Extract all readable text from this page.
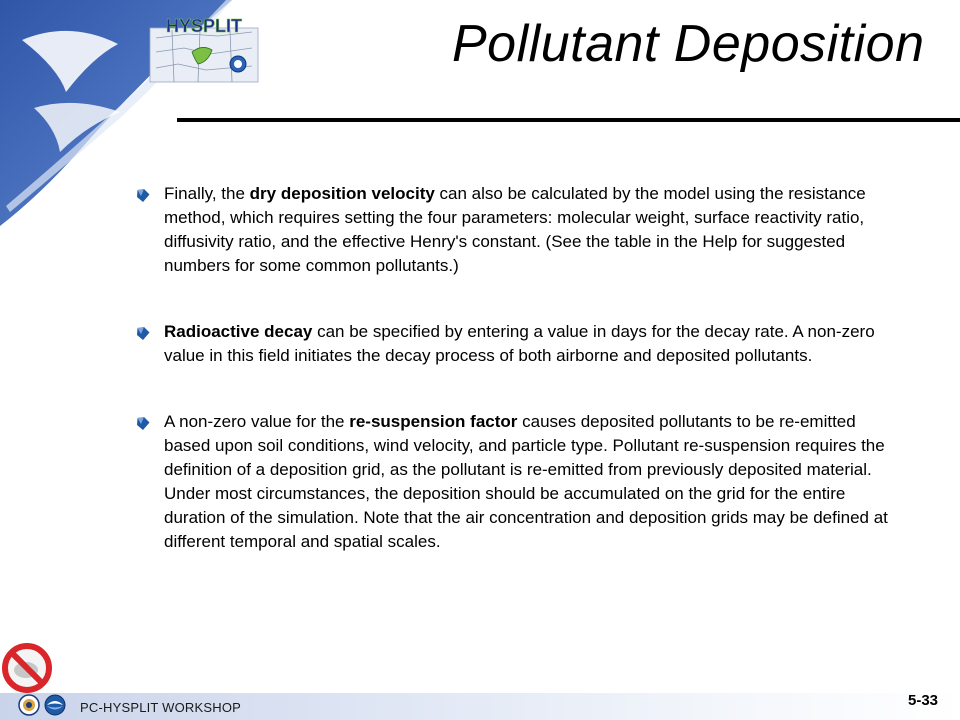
HYSPLIT	Pollutant Deposition
Finally, the dry deposition velocity can also be calculated by the model using the resistance method, which requires setting the four parameters: molecular weight, surface reactivity ratio, diffusivity ratio, and the effective Henry's constant. (See the table in the Help for suggested numbers for some common pollutants.)
Radioactive decay can be specified by entering a value in days for the decay rate. A non-zero value in this field initiates the decay process of both airborne and deposited pollutants.
A non-zero value for the re-suspension factor causes deposited pollutants to be re-emitted based upon soil conditions, wind velocity, and particle type. Pollutant re-suspension requires the definition of a deposition grid, as the pollutant is re-emitted from previously deposited material. Under most circumstances, the deposition should be accumulated on the grid for the entire duration of the simulation. Note that the air concentration and deposition grids may be defined at different temporal and spatial scales.
PC-HYSPLIT WORKSHOP	5-33
